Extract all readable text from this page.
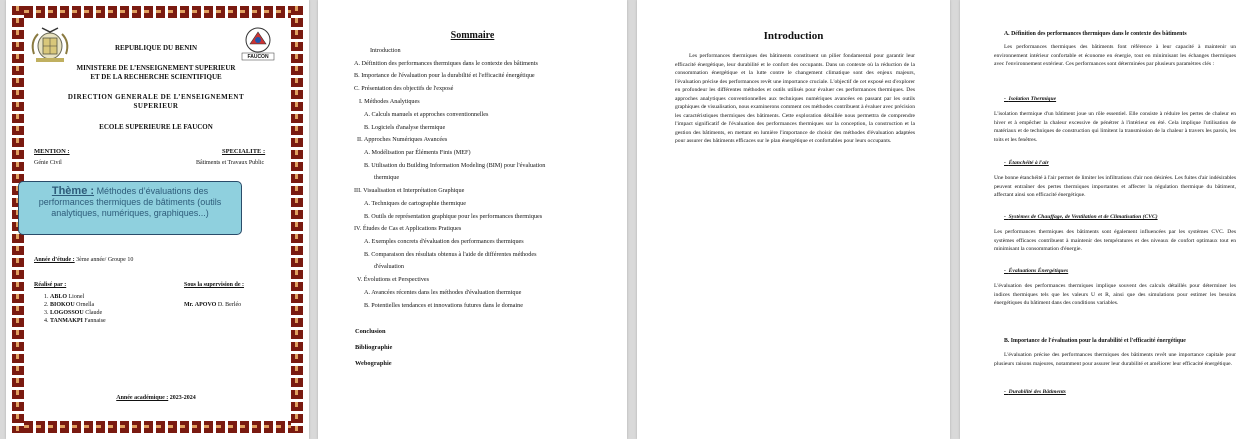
FAUCON
REPUBLIQUE DU BENIN
MINISTERE DE L’ENSEIGNEMENT SUPERIEUR
ET DE LA RECHERCHE SCIENTIFIQUE
DIRECTION GENERALE DE L’ENSEIGNEMENT
SUPERIEUR
ECOLE SUPERIEURE LE FAUCON
MENTION :
Génie Civil
SPECIALITE :
Bâtiments et Travaux Public
Thème : Méthodes d’évaluations des performances thermiques de bâtiments (outils analytiques, numériques, graphiques...)
Année d’étude : 3ème année/ Groupe 10
Réalisé par :
1. ABLO Lionel
2. BIOKOU Ornella
3. LOGOSSOU Claude
4. TANMAKPI Fannaise
Sous la supervision de :
Mr. APOVO D. Berléo
Année académique : 2023-2024
Sommaire
Introduction
A. Définition des performances thermiques dans le contexte des bâtiments
B. Importance de l'évaluation pour la durabilité et l'efficacité énergétique
C. Présentation des objectifs de l'exposé
I. Méthodes Analytiques
A. Calculs manuels et approches conventionnelles
B. Logiciels d'analyse thermique
II. Approches Numériques Avancées
A. Modélisation par Éléments Finis (MEF)
B. Utilisation du Building Information Modeling (BIM) pour l'évaluation
thermique
III. Visualisation et Interprétation Graphique
A. Techniques de cartographie thermique
B. Outils de représentation graphique pour les performances thermiques
IV. Études de Cas et Applications Pratiques
A. Exemples concrets d'évaluation des performances thermiques
B. Comparaison des résultats obtenus à l'aide de différentes méthodes
d'évaluation
V. Évolutions et Perspectives
A. Avancées récentes dans les méthodes d'évaluation thermique
B. Potentielles tendances et innovations futures dans le domaine
Conclusion
Bibliographie
Webographie
Introduction
Les performances thermiques des bâtiments constituent un pilier fondamental pour garantir leur efficacité énergétique, leur durabilité et le confort des occupants. Dans un contexte où la réduction de la consommation énergétique et la lutte contre le changement climatique sont des enjeux majeurs, l'évaluation précise des performances revêt une importance cruciale. L'objectif de cet exposé est d'explorer en profondeur les différentes méthodes et outils utilisés pour évaluer ces performances thermiques. Des approches analytiques conventionnelles aux techniques numériques avancées en passant par les outils graphiques de visualisation, nous examinerons comment ces méthodes contribuent à évaluer avec précision les caractéristiques thermiques des bâtiments. Cette exploration détaillée nous permettra de comprendre l'impact significatif de l'évaluation des performances thermiques sur la conception, la construction et la gestion des bâtiments, en mettant en lumière l'importance de choisir des méthodes d'évaluation adaptées pour assurer des bâtiments efficaces sur le plan énergétique et confortables pour leurs occupants.
A. Définition des performances thermiques dans le contexte des bâtiments
Les performances thermiques des bâtiments font référence à leur capacité à maintenir un environnement intérieur confortable et économe en énergie, tout en minimisant les échanges thermiques avec l'environnement extérieur. Ces performances sont déterminées par plusieurs paramètres clés :
-  Isolation Thermique
L'isolation thermique d'un bâtiment joue un rôle essentiel. Elle consiste à réduire les pertes de chaleur en hiver et à empêcher la chaleur excessive de pénétrer à l'intérieur en été. Cela implique l'utilisation de matériaux et de techniques de construction qui limitent la transmission de la chaleur à travers les parois, les toits et les fenêtres.
-  Étanchéité à l'air
Une bonne étanchéité à l'air permet de limiter les infiltrations d'air non désirées. Les fuites d'air indésirables peuvent entraîner des pertes thermiques importantes et affecter la régulation thermique du bâtiment, affectant ainsi son efficacité énergétique.
-  Systèmes de Chauffage, de Ventilation et de Climatisation (CVC)
Les performances thermiques des bâtiments sont également influencées par les systèmes CVC. Des systèmes efficaces contribuent à maintenir des températures et des niveaux de confort optimaux tout en minimisant la consommation d'énergie.
-  Évaluations Énergétiques
L'évaluation des performances thermiques implique souvent des calculs détaillés pour déterminer les indices thermiques tels que les valeurs U et R, ainsi que des simulations pour estimer les besoins énergétiques du bâtiment dans des conditions variables.
B. Importance de l'évaluation pour la durabilité et l'efficacité énergétique
L'évaluation précise des performances thermiques des bâtiments revêt une importance capitale pour plusieurs raisons majeures, notamment pour assurer leur durabilité et améliorer leur efficacité énergétique.
-  Durabilité des Bâtiments
